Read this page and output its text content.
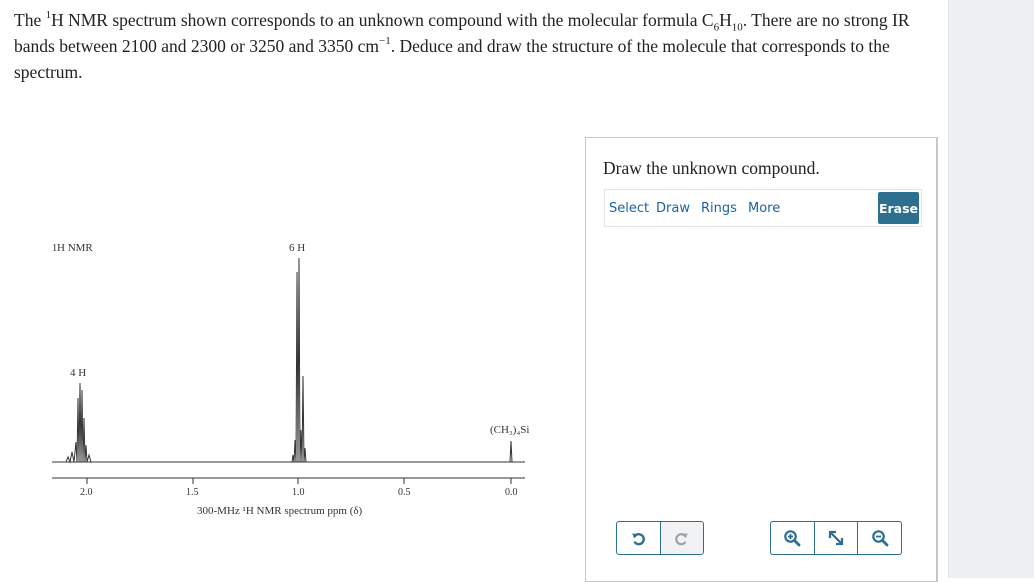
The $^1$H NMR spectrum shown corresponds to an unknown compound with the molecular formula $C_6H_{10}$. There are no strong IR bands between 2100 and 2300 or 3250 and 3350 $cm^{-1}$. Deduce and draw the structure of the molecule that corresponds to the spectrum.
1 H NMR
4 H
6 H
(CH₃)₄Si
2.0	1.5	1.0	0.5	0.0
300-MHz ¹H NMR spectrum ppm (δ)
Draw the unknown compound.
Select Draw Rings More	Erase
